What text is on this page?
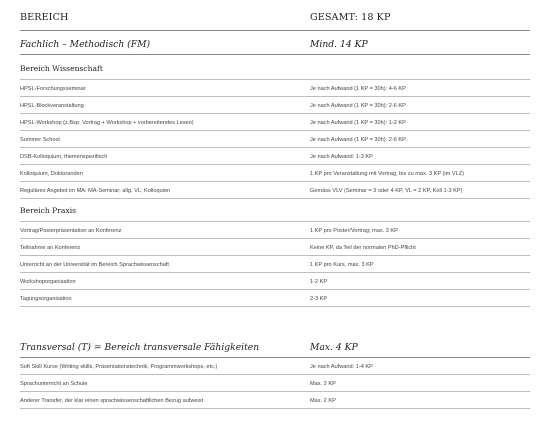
BEREICH	GESAMT: 18 KP
Fachlich – Methodisch (FM)	Mind. 14 KP
Bereich Wissenschaft
HPSL-Forschungsseminar	Je nach Aufwand (1 KP = 30h): 4-6 KP
HPSL-Blockveranstaltung	Je nach Aufwand (1 KP = 30h): 2-6 KP
HPSL-Workshop (z.Bsp: Vortrag + Workshop + vorbereitendes Lesen)	Je nach Aufwand (1 KP = 30h): 1-2 KP
Summer School	Je nach Aufwand (1 KP = 30h): 2-6 KP
DSB-Kolloquium, themenspezifisch	Je nach Aufwand: 1-3 KP
Kolloquium, Doktoranden	1 KP pro Veranstaltung mit Vortrag, bis zu max. 3 KP (im VLZ)
Reguläres Angebot im MA: MA-Seminar; allg. VL; Kolloquien	Gemäss VLV (Seminar = 3 oder 4 KP, VL = 2 KP, Koll 1-3 KP)
Bereich Praxis
Vortrag/Posterpräsentation an Konferenz	1 KP pro Poster/Vortrag; max. 3 KP
Teilnahme an Konferenz	Keine KP, da Teil der normalen PhD-Pflicht
Unterricht an der Universität im Bereich Sprachwissenschaft	1 KP pro Kurs, max. 3 KP
Workshoporganisation	1-2 KP
Tagungsorganisation	2-3 KP
Transversal (T) = Bereich transversale Fähigkeiten	Max. 4 KP
Soft Skill Kurse (Writing skills, Präsentationstechnik, Programmworkshops, etc.)	Je nach Aufwand: 1-4 KP
Sprachunterricht an Schule	Max. 2 KP
Anderer Transfer, der klar einen sprachwissenschaftlichen Bezug aufweist	Max. 2 KP
